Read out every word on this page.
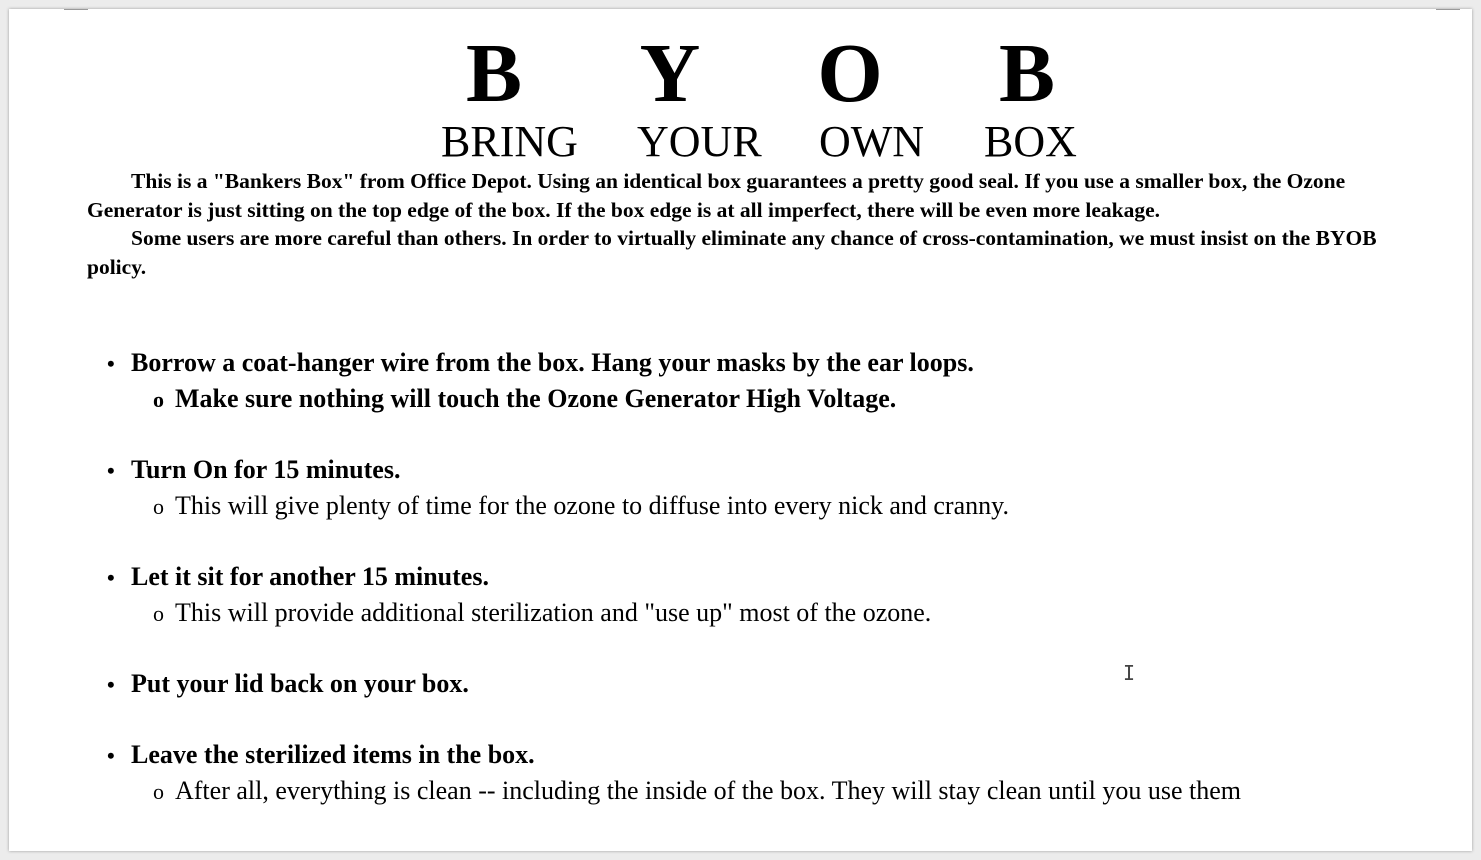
B Y O B
BRING YOUR OWN BOX

This is a "Bankers Box" from Office Depot. Using an identical box guarantees a pretty good seal. If you use a smaller box, the Ozone Generator is just sitting on the top edge of the box. If the box edge is at all imperfect, there will be even more leakage.

Some users are more careful than others. In order to virtually eliminate any chance of cross-contamination, we must insist on the BYOB policy.

• Borrow a coat-hanger wire from the box. Hang your masks by the ear loops.
o Make sure nothing will touch the Ozone Generator High Voltage.
• Turn On for 15 minutes.
o This will give plenty of time for the ozone to diffuse into every nick and cranny.
• Let it sit for another 15 minutes.
o This will provide additional sterilization and "use up" most of the ozone.
• Put your lid back on your box.
• Leave the sterilized items in the box.
o After all, everything is clean -- including the inside of the box. They will stay clean until you use them
I
